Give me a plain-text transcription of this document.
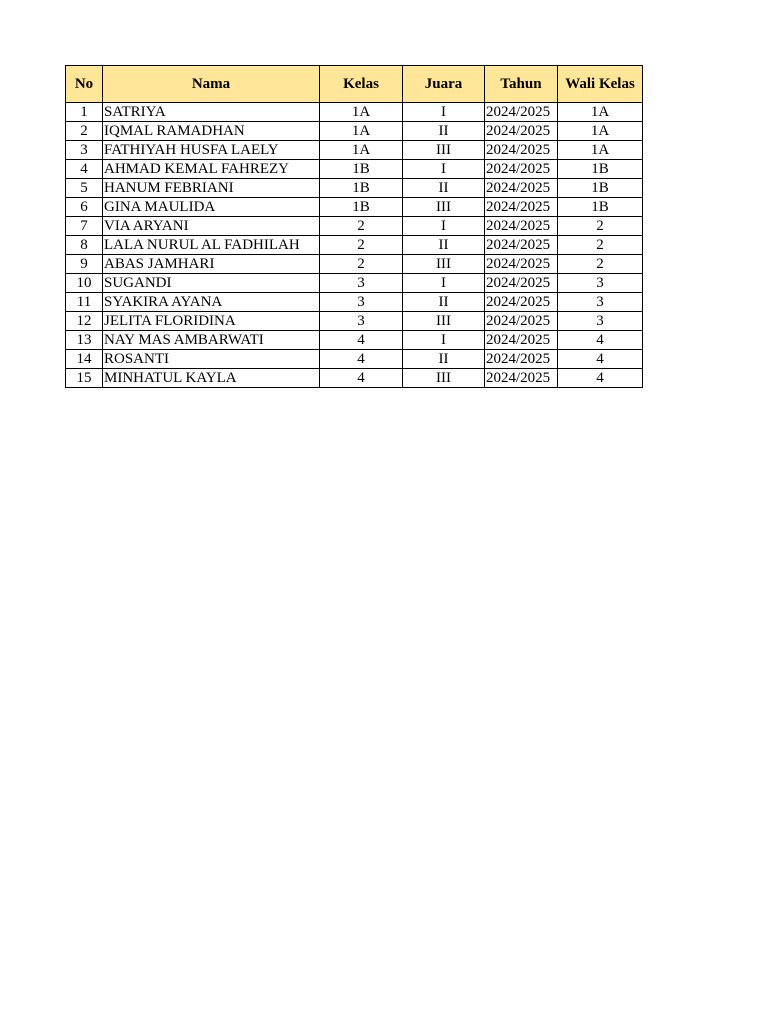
No	Nama	Kelas	Juara	Tahun	Wali Kelas
1	SATRIYA	1A	I	2024/2025	1A
2	IQMAL RAMADHAN	1A	II	2024/2025	1A
3	FATHIYAH HUSFA LAELY	1A	III	2024/2025	1A
4	AHMAD KEMAL FAHREZY	1B	I	2024/2025	1B
5	HANUM FEBRIANI	1B	II	2024/2025	1B
6	GINA MAULIDA	1B	III	2024/2025	1B
7	VIA ARYANI	2	I	2024/2025	2
8	LALA NURUL AL FADHILAH	2	II	2024/2025	2
9	ABAS JAMHARI	2	III	2024/2025	2
10	SUGANDI	3	I	2024/2025	3
11	SYAKIRA AYANA	3	II	2024/2025	3
12	JELITA FLORIDINA	3	III	2024/2025	3
13	NAY MAS AMBARWATI	4	I	2024/2025	4
14	ROSANTI	4	II	2024/2025	4
15	MINHATUL KAYLA	4	III	2024/2025	4
